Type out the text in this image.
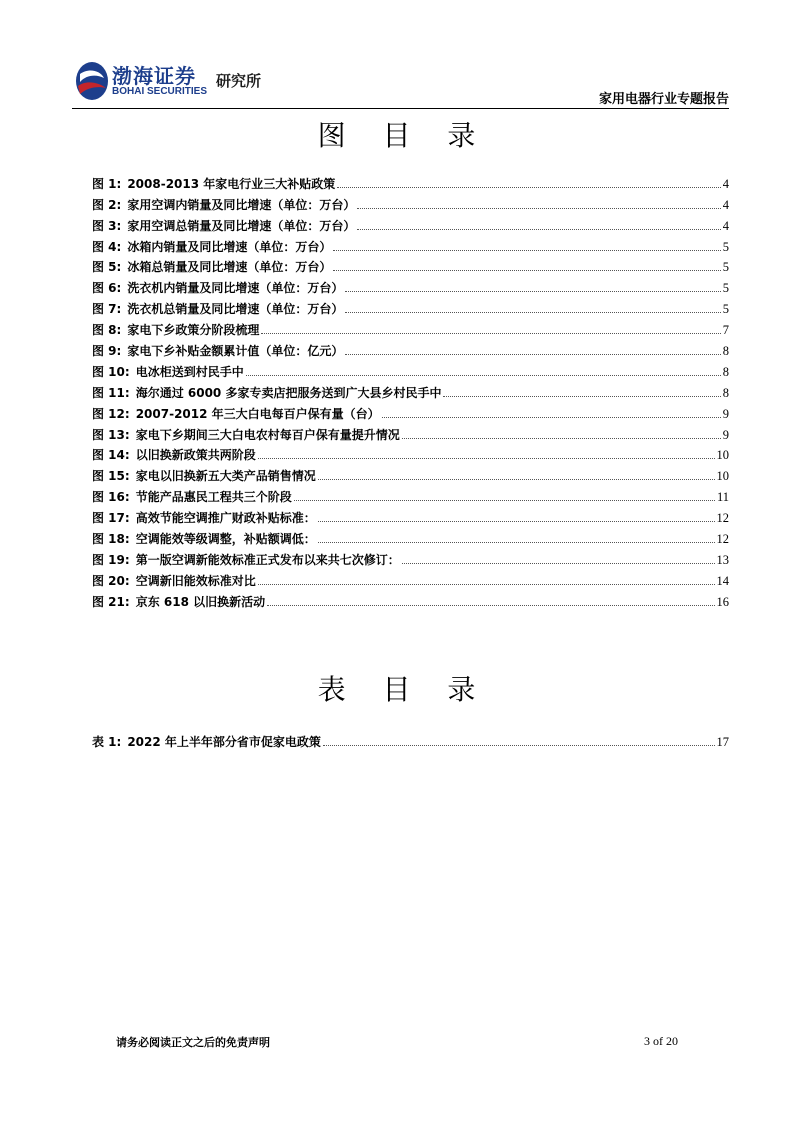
渤海证券
BOHAI SECURITIES
研究所
家用电器行业专题报告
图 目 录
图 1: 2008-2013 年家电行业三大补贴政策	4
图 2: 家用空调内销量及同比增速（单位：万台）	4
图 3: 家用空调总销量及同比增速（单位：万台）	4
图 4: 冰箱内销量及同比增速（单位：万台）	5
图 5: 冰箱总销量及同比增速（单位：万台）	5
图 6: 洗衣机内销量及同比增速（单位：万台）	5
图 7: 洗衣机总销量及同比增速（单位：万台）	5
图 8: 家电下乡政策分阶段梳理	7
图 9: 家电下乡补贴金额累计值（单位：亿元）	8
图 10: 电冰柜送到村民手中	8
图 11: 海尔通过 6000 多家专卖店把服务送到广大县乡村民手中	8
图 12: 2007-2012 年三大白电每百户保有量（台）	9
图 13: 家电下乡期间三大白电农村每百户保有量提升情况	9
图 14: 以旧换新政策共两阶段	10
图 15: 家电以旧换新五大类产品销售情况	10
图 16: 节能产品惠民工程共三个阶段	11
图 17: 高效节能空调推广财政补贴标准：	12
图 18: 空调能效等级调整，补贴额调低：	12
图 19: 第一版空调新能效标准正式发布以来共七次修订：	13
图 20: 空调新旧能效标准对比	14
图 21: 京东 618 以旧换新活动	16
表 目 录
表 1: 2022 年上半年部分省市促家电政策	17
请务必阅读正文之后的免责声明	3 of 20
